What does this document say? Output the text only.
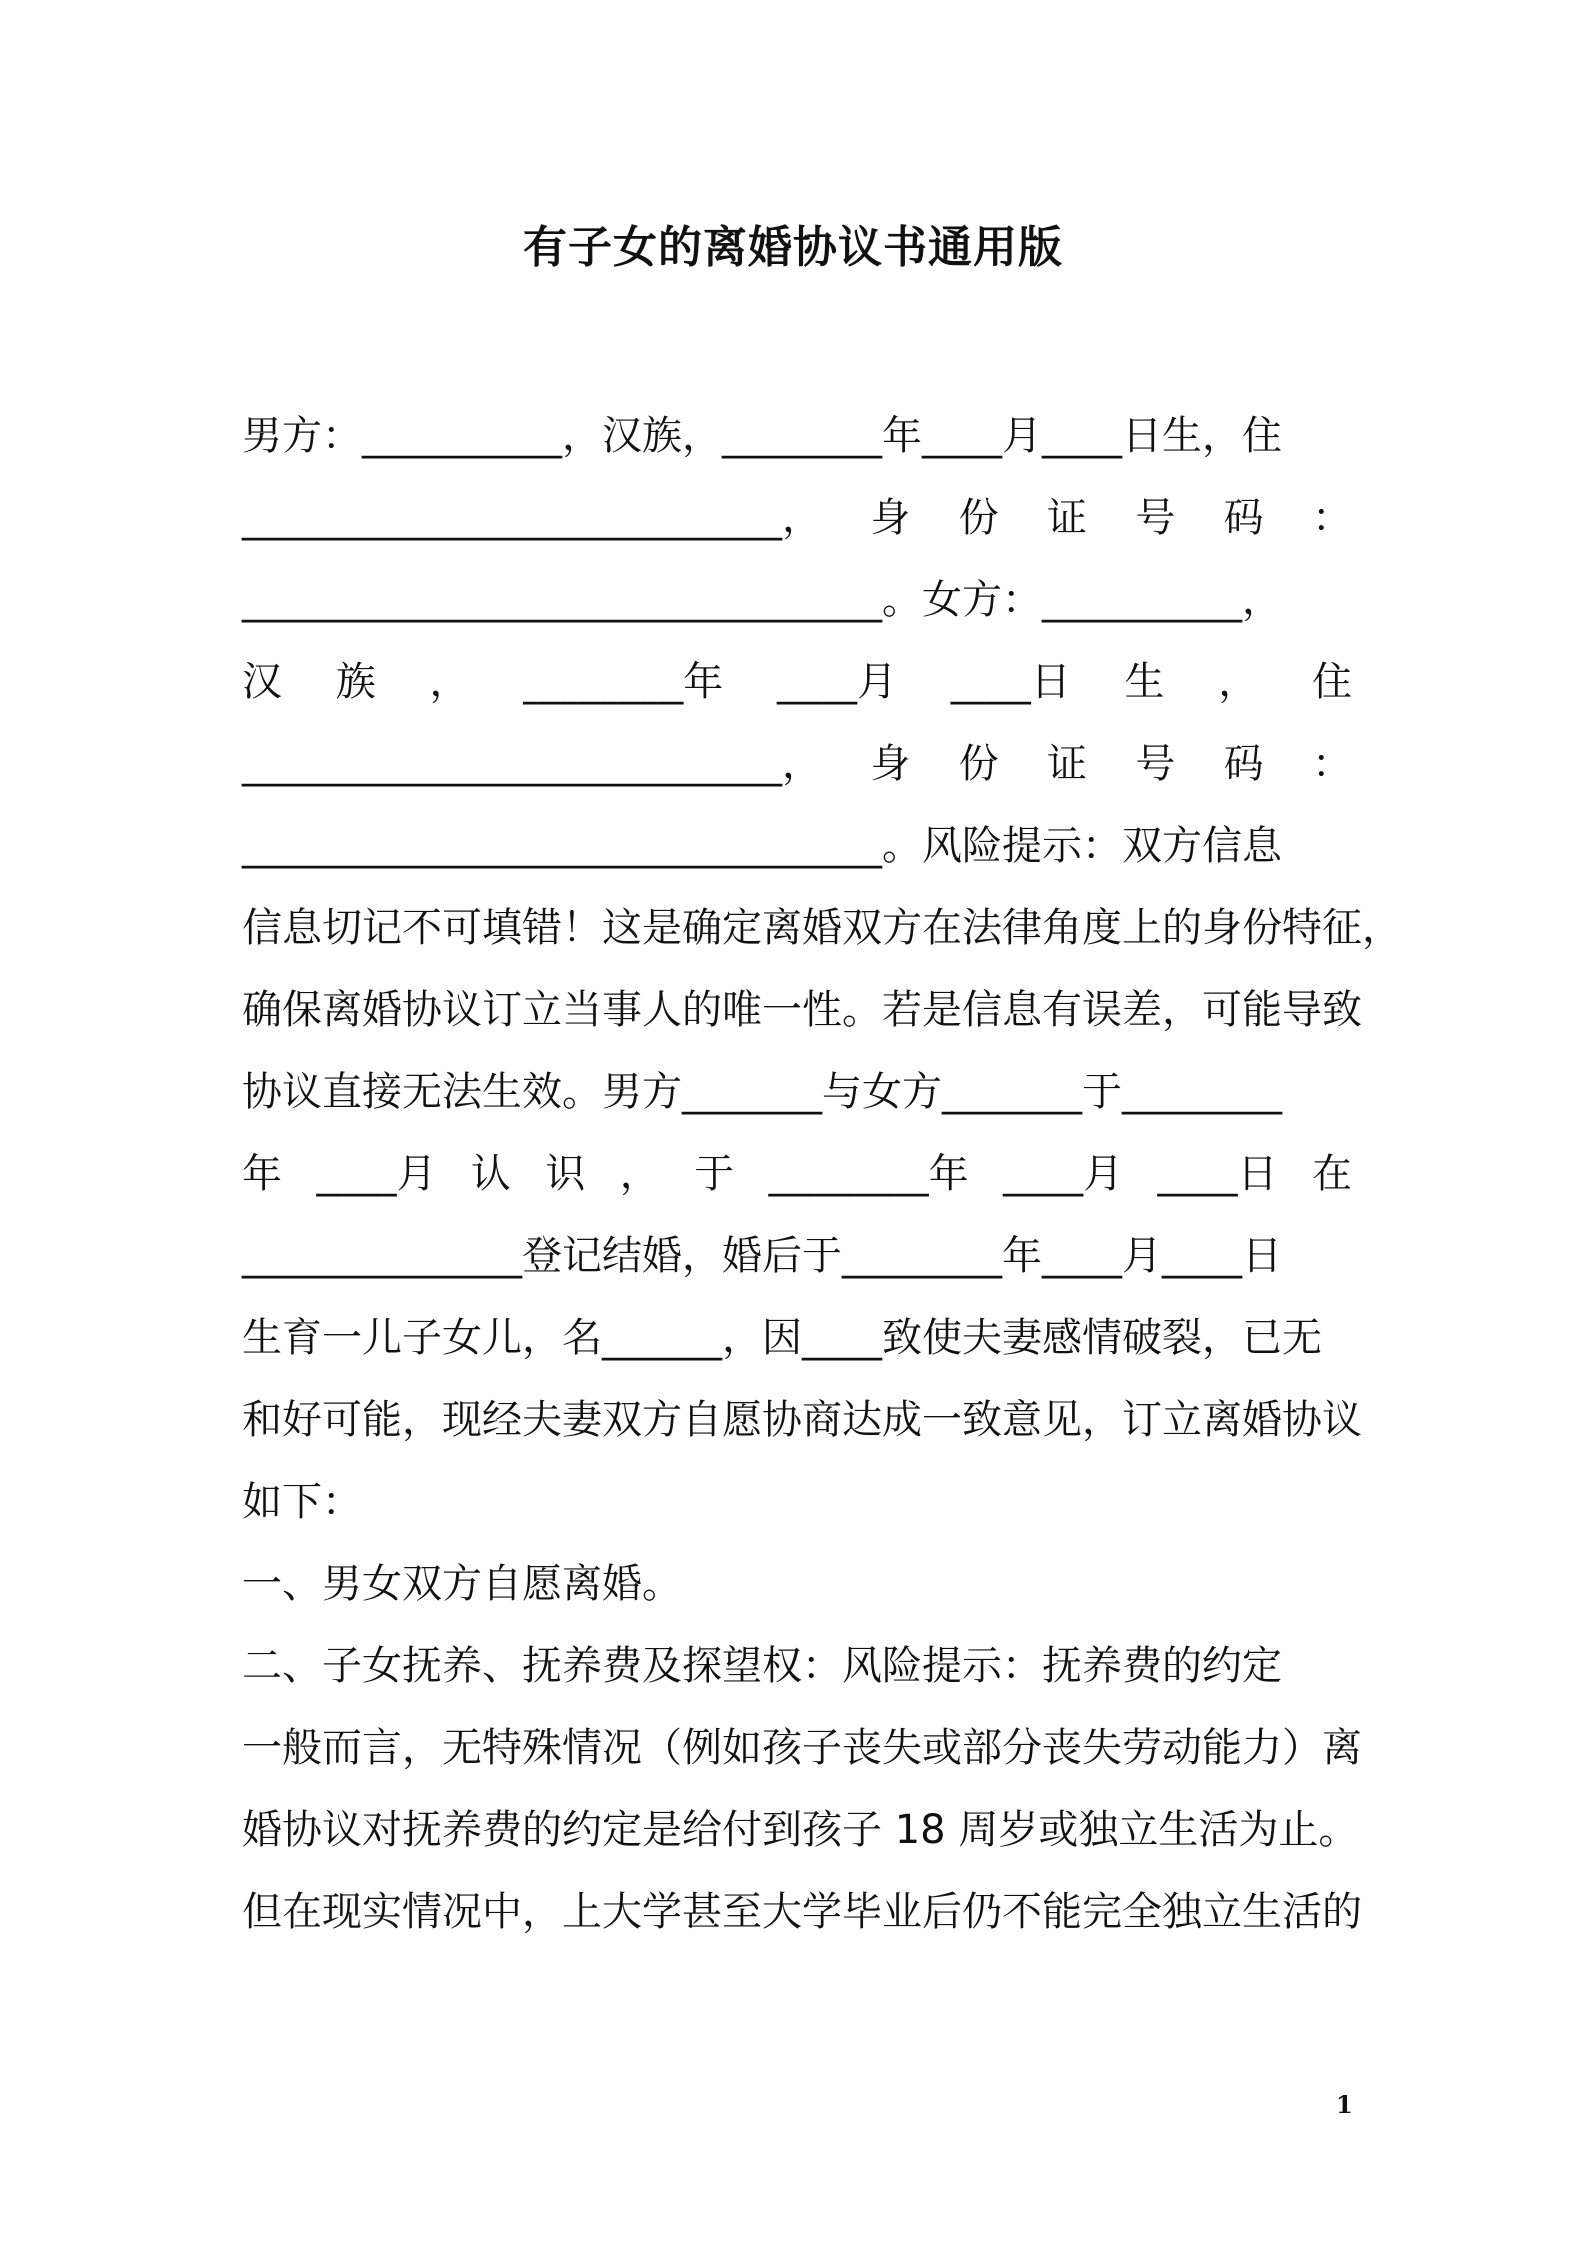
有子女的离婚协议书通用版
男方：__________，汉族，________年____月____日生，住
___________________________， 身 份 证 号 码 ：
________________________________。女方：__________，
汉 族 ， ________年 ____月 ____日 生 ， 住
___________________________， 身 份 证 号 码 ：
________________________________。风险提示：双方信息
信息切记不可填错！这是确定离婚双方在法律角度上的身份特征，
确保离婚协议订立当事人的唯一性。若是信息有误差，可能导致
协议直接无法生效。男方_______与女方_______于________
年 ____月 认 识 ， 于 ________年 ____月 ____日 在
______________登记结婚，婚后于________年____月____日
生育一儿子女儿，名______，因____致使夫妻感情破裂，已无
和好可能，现经夫妻双方自愿协商达成一致意见，订立离婚协议
如下：
一、男女双方自愿离婚。
二、子女抚养、抚养费及探望权：风险提示：抚养费的约定
一般而言，无特殊情况（例如孩子丧失或部分丧失劳动能力）离
婚协议对抚养费的约定是给付到孩子 18 周岁或独立生活为止。
但在现实情况中，上大学甚至大学毕业后仍不能完全独立生活的
1
